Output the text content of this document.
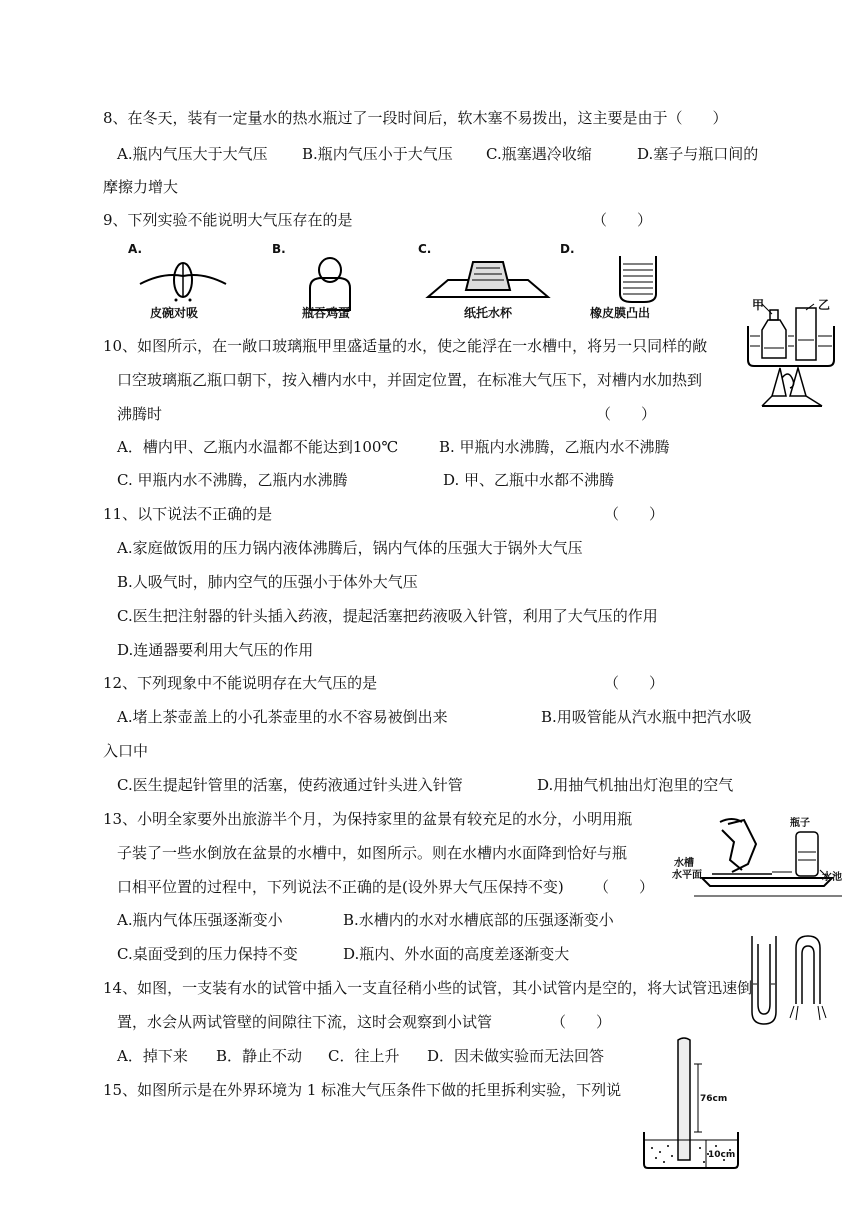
8、在冬天，装有一定量水的热水瓶过了一段时间后，软木塞不易拨出，这主要是由于（　　）
A.瓶内气压大于大气压 B.瓶内气压小于大气压 C.瓶塞遇冷收缩	D.塞子与瓶口间的
摩擦力增大
9、下列实验不能说明大气压存在的是	（　　）
A.
皮碗对吸
B.
瓶吞鸡蛋
C.
纸托水杯
D.
橡皮膜凸出
甲	乙
10、如图所示，在一敞口玻璃瓶甲里盛适量的水，使之能浮在一水槽中，将另一只同样的敞
口空玻璃瓶乙瓶口朝下，按入槽内水中，并固定位置，在标准大气压下，对槽内水加热到
沸腾时	（　　）
A．槽内甲、乙瓶内水温都不能达到100℃	B. 甲瓶内水沸腾，乙瓶内水不沸腾
C. 甲瓶内水不沸腾，乙瓶内水沸腾	D. 甲、乙瓶中水都不沸腾
11、以下说法不正确的是	（　　）
A.家庭做饭用的压力锅内液体沸腾后，锅内气体的压强大于锅外大气压
B.人吸气时，肺内空气的压强小于体外大气压
C.医生把注射器的针头插入药液，提起活塞把药液吸入针管，利用了大气压的作用
D.连通器要利用大气压的作用
12、下列现象中不能说明存在大气压的是	（　　）
A.堵上茶壶盖上的小孔茶壶里的水不容易被倒出来	B.用吸管能从汽水瓶中把汽水吸
入口中
C.医生提起针管里的活塞，使药液通过针头进入针管	D.用抽气机抽出灯泡里的空气
瓶子
水槽
水平面	水池
13、小明全家要外出旅游半个月，为保持家里的盆景有较充足的水分，小明用瓶
子装了一些水倒放在盆景的水槽中，如图所示。则在水槽内水面降到恰好与瓶
口相平位置的过程中，下列说法不正确的是(设外界大气压保持不变) （　　）
A.瓶内气体压强逐渐变小	B.水槽内的水对水槽底部的压强逐渐变小
C.桌面受到的压力保持不变	D.瓶内、外水面的高度差逐渐变大
14、如图，一支装有水的试管中插入一支直径稍小些的试管，其小试管内是空的，将大试管迅速倒
置，水会从两试管壁的间隙往下流，这时会观察到小试管	（　　）
A．掉下来 B．静止不动 C．往上升 D．因未做实验而无法回答
76cm
10cm
15、如图所示是在外界环境为 1 标准大气压条件下做的托里拆利实验，下列说
